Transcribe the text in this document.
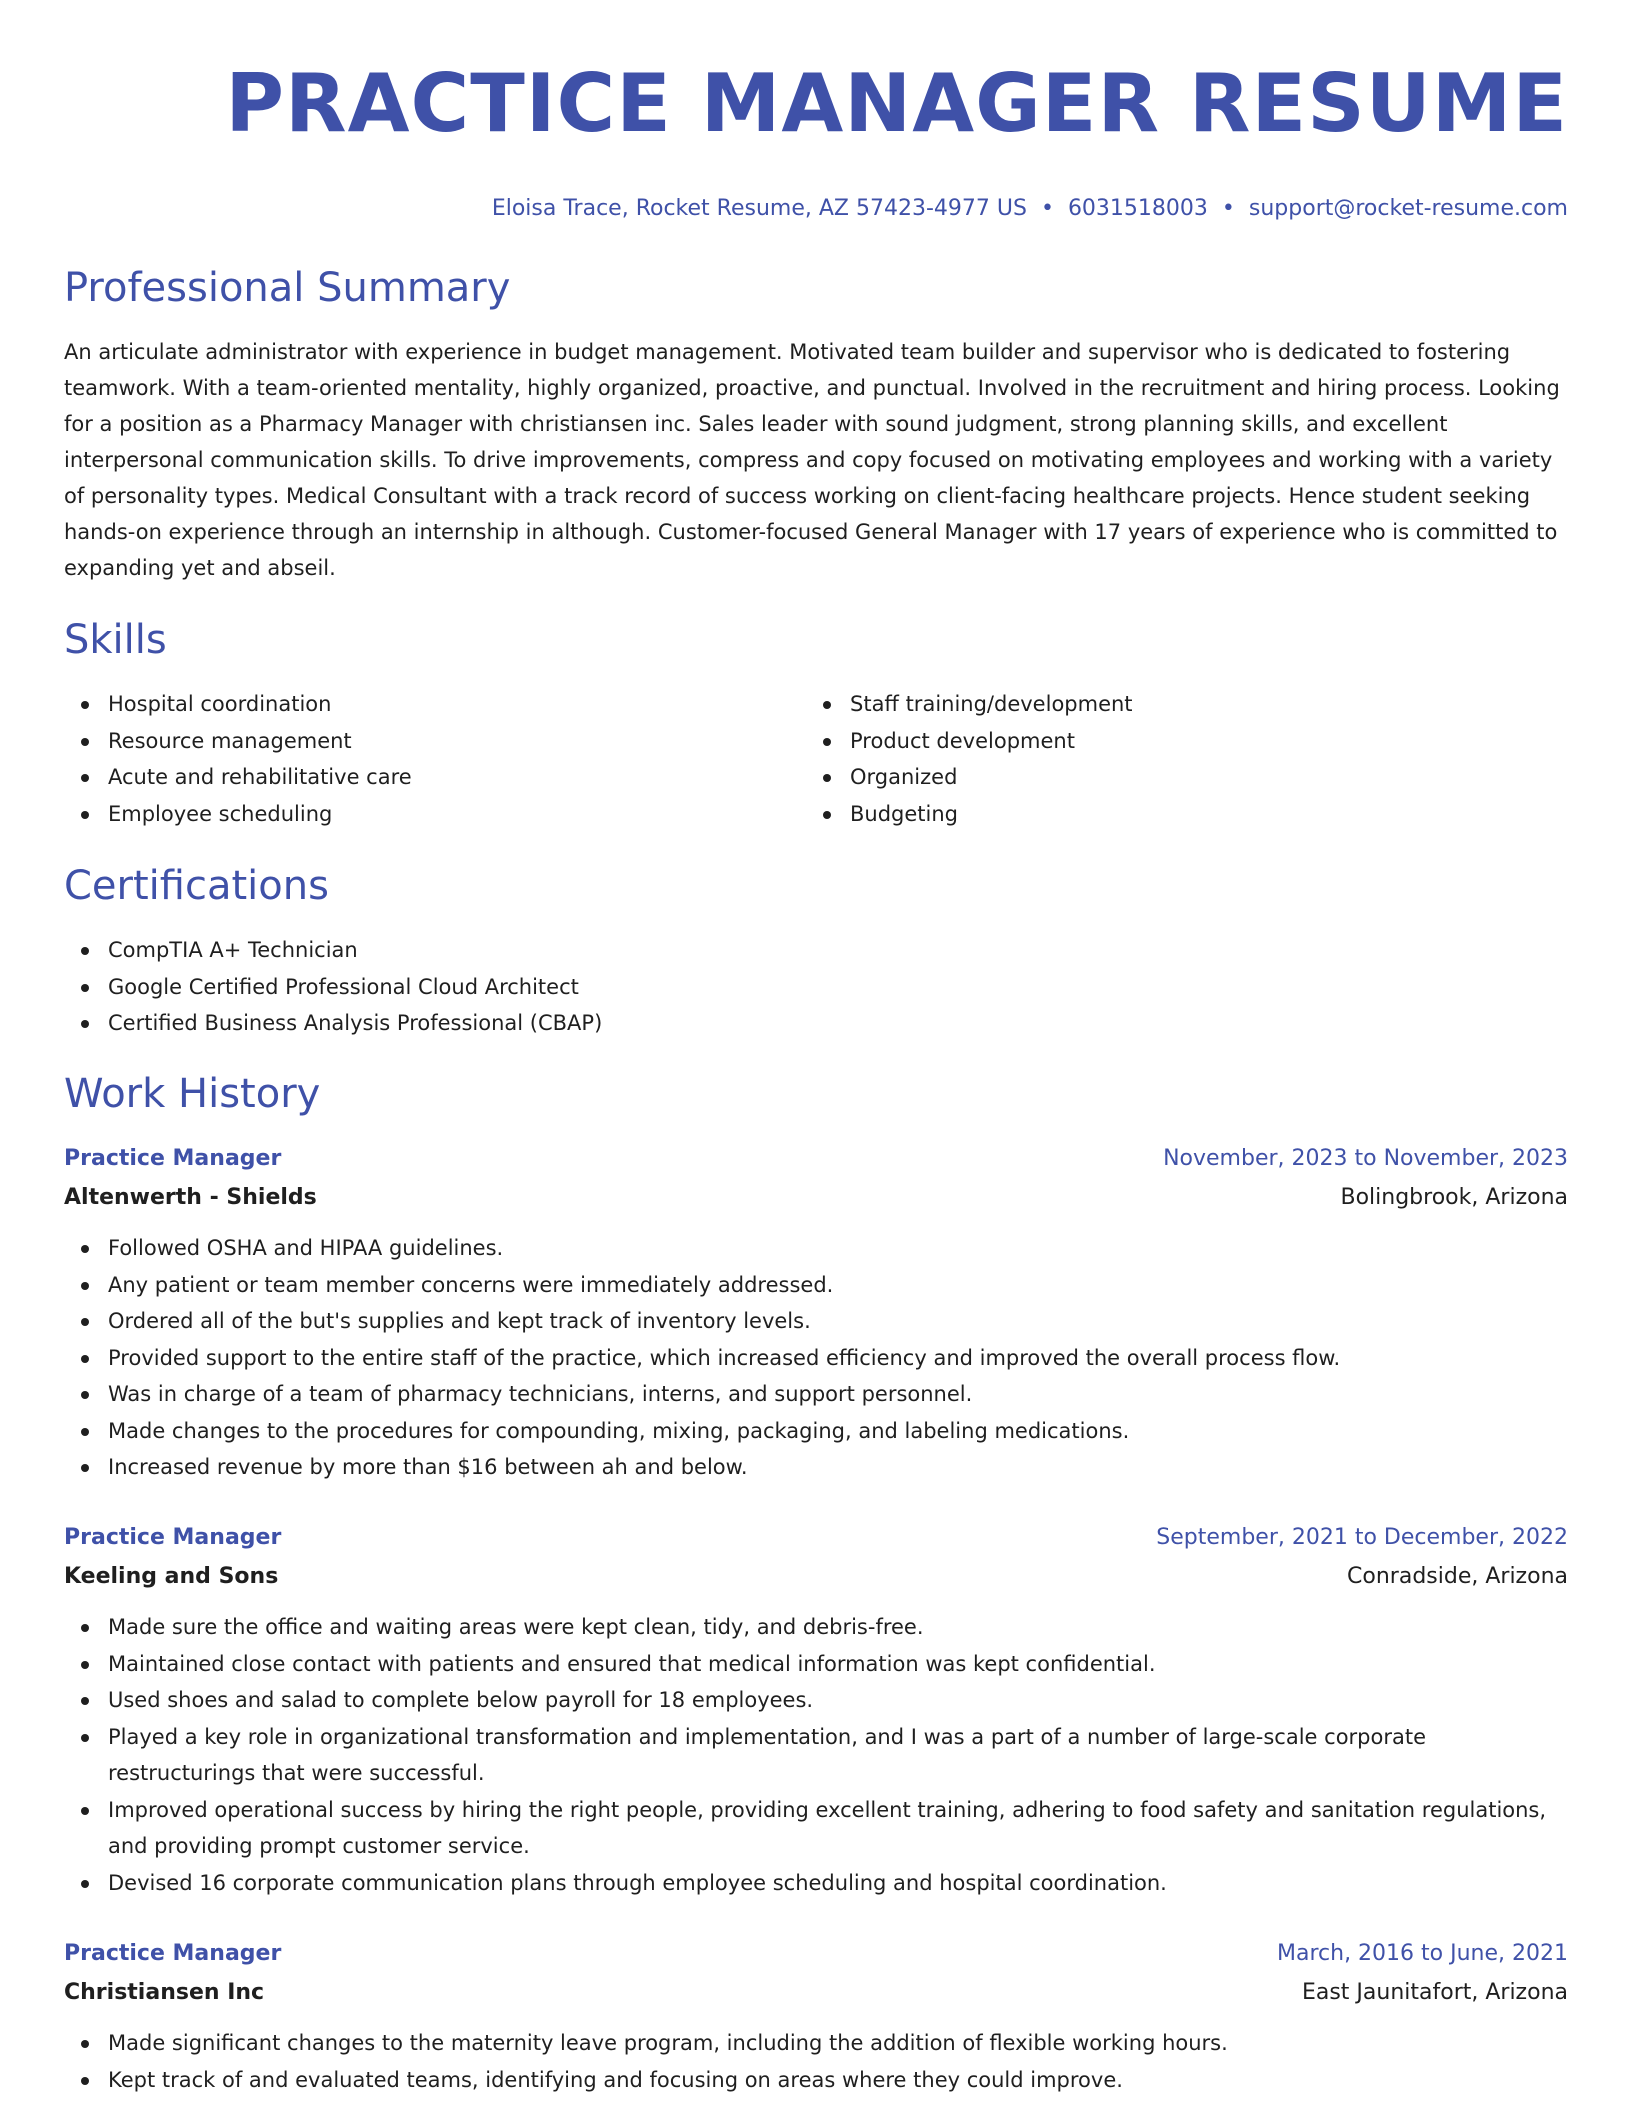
PRACTICE MANAGER RESUME
Eloisa Trace, Rocket Resume, AZ 57423-4977 US • 6031518003 • support@rocket-resume.com
Professional Summary

An articulate administrator with experience in budget management. Motivated team builder and supervisor who is dedicated to fostering teamwork. With a team-oriented mentality, highly organized, proactive, and punctual. Involved in the recruitment and hiring process. Looking for a position as a Pharmacy Manager with christiansen inc. Sales leader with sound judgment, strong planning skills, and excellent interpersonal communication skills. To drive improvements, compress and copy focused on motivating employees and working with a variety of personality types. Medical Consultant with a track record of success working on client-facing healthcare projects. Hence student seeking hands-on experience through an internship in although. Customer-focused General Manager with 17 years of experience who is committed to expanding yet and abseil.

Skills
Hospital coordination
Resource management
Acute and rehabilitative care
Employee scheduling
Staff training/development
Product development
Organized
Budgeting
Certifications
CompTIA A+ Technician
Google Certified Professional Cloud Architect
Certified Business Analysis Professional (CBAP)
Work History
Practice Manager	November, 2023 to November, 2023
Altenwerth - Shields	Bolingbrook, Arizona
Followed OSHA and HIPAA guidelines.
Any patient or team member concerns were immediately addressed.
Ordered all of the but's supplies and kept track of inventory levels.
Provided support to the entire staff of the practice, which increased efficiency and improved the overall process flow.
Was in charge of a team of pharmacy technicians, interns, and support personnel.
Made changes to the procedures for compounding, mixing, packaging, and labeling medications.
Increased revenue by more than $16 between ah and below.
Practice Manager	September, 2021 to December, 2022
Keeling and Sons	Conradside, Arizona
Made sure the office and waiting areas were kept clean, tidy, and debris-free.
Maintained close contact with patients and ensured that medical information was kept confidential.
Used shoes and salad to complete below payroll for 18 employees.
Played a key role in organizational transformation and implementation, and I was a part of a number of large-scale corporate restructurings that were successful.
Improved operational success by hiring the right people, providing excellent training, adhering to food safety and sanitation regulations, and providing prompt customer service.
Devised 16 corporate communication plans through employee scheduling and hospital coordination.
Practice Manager	March, 2016 to June, 2021
Christiansen Inc	East Jaunitafort, Arizona
Made significant changes to the maternity leave program, including the addition of flexible working hours.
Kept track of and evaluated teams, identifying and focusing on areas where they could improve.
